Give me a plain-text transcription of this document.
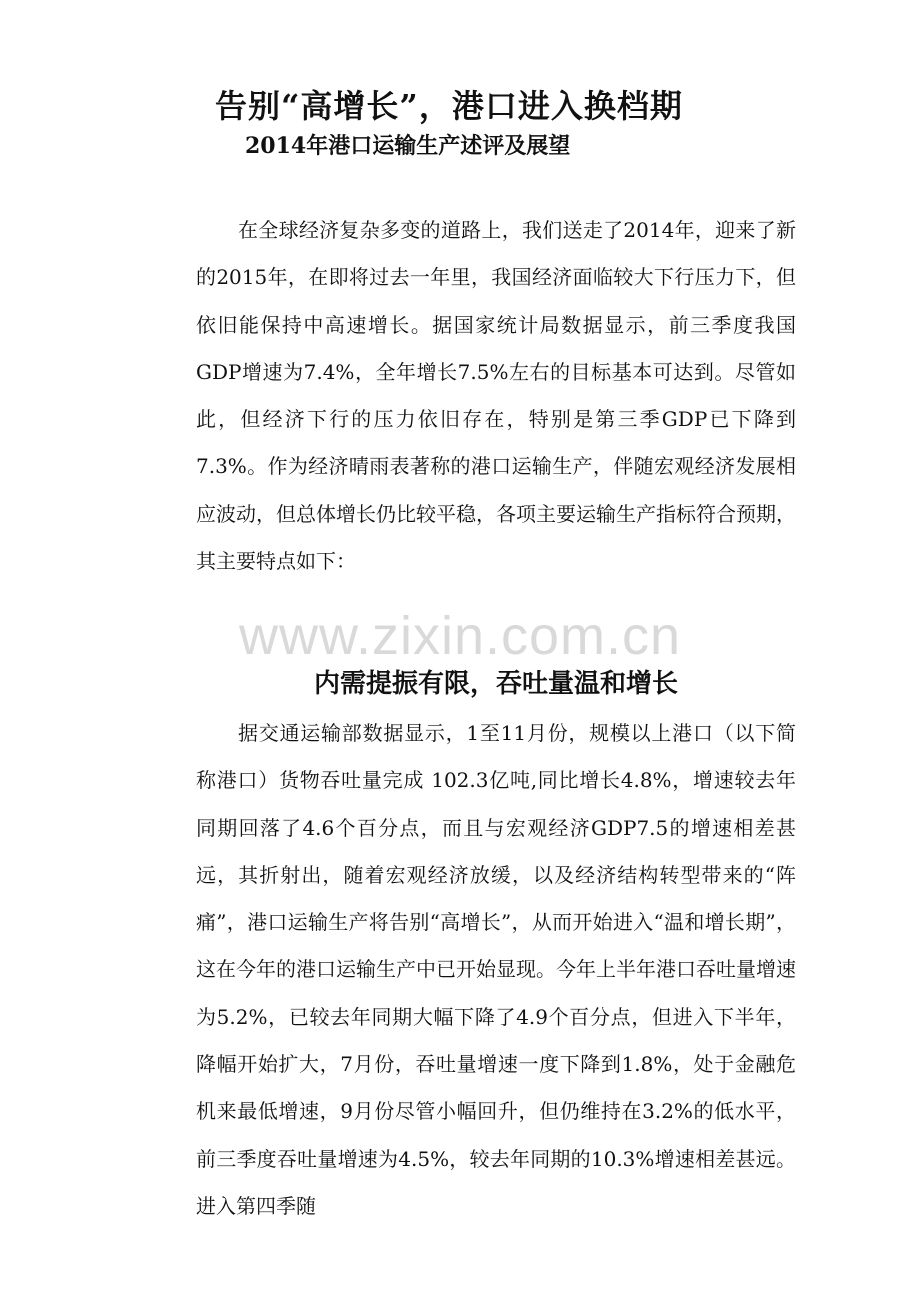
告别“高增长”，港口进入换档期
2014年港口运输生产述评及展望

在全球经济复杂多变的道路上，我们送走了2014年，迎来了新的2015年，在即将过去一年里，我国经济面临较大下行压力下，但依旧能保持中高速增长。据国家统计局数据显示，前三季度我国GDP增速为7.4%，全年增长7.5%左右的目标基本可达到。尽管如此，但经济下行的压力依旧存在，特别是第三季GDP已下降到7.3%。作为经济晴雨表著称的港口运输生产，伴随宏观经济发展相应波动，但总体增长仍比较平稳，各项主要运输生产指标符合预期，其主要特点如下：

www.zixin.com.cn
内需提振有限，吞吐量温和增长

据交通运输部数据显示，1至11月份，规模以上港口（以下简称港口）货物吞吐量完成 102.3亿吨,同比增长4.8%，增速较去年同期回落了4.6个百分点，而且与宏观经济GDP7.5的增速相差甚远，其折射出，随着宏观经济放缓，以及经济结构转型带来的“阵痛”，港口运输生产将告别“高增长”，从而开始进入“温和增长期”，这在今年的港口运输生产中已开始显现。今年上半年港口吞吐量增速为5.2%，已较去年同期大幅下降了4.9个百分点，但进入下半年，降幅开始扩大，7月份，吞吐量增速一度下降到1.8%，处于金融危机来最低增速，9月份尽管小幅回升，但仍维持在3.2%的低水平，前三季度吞吐量增速为4.5%，较去年同期的10.3%增速相差甚远。进入第四季随
